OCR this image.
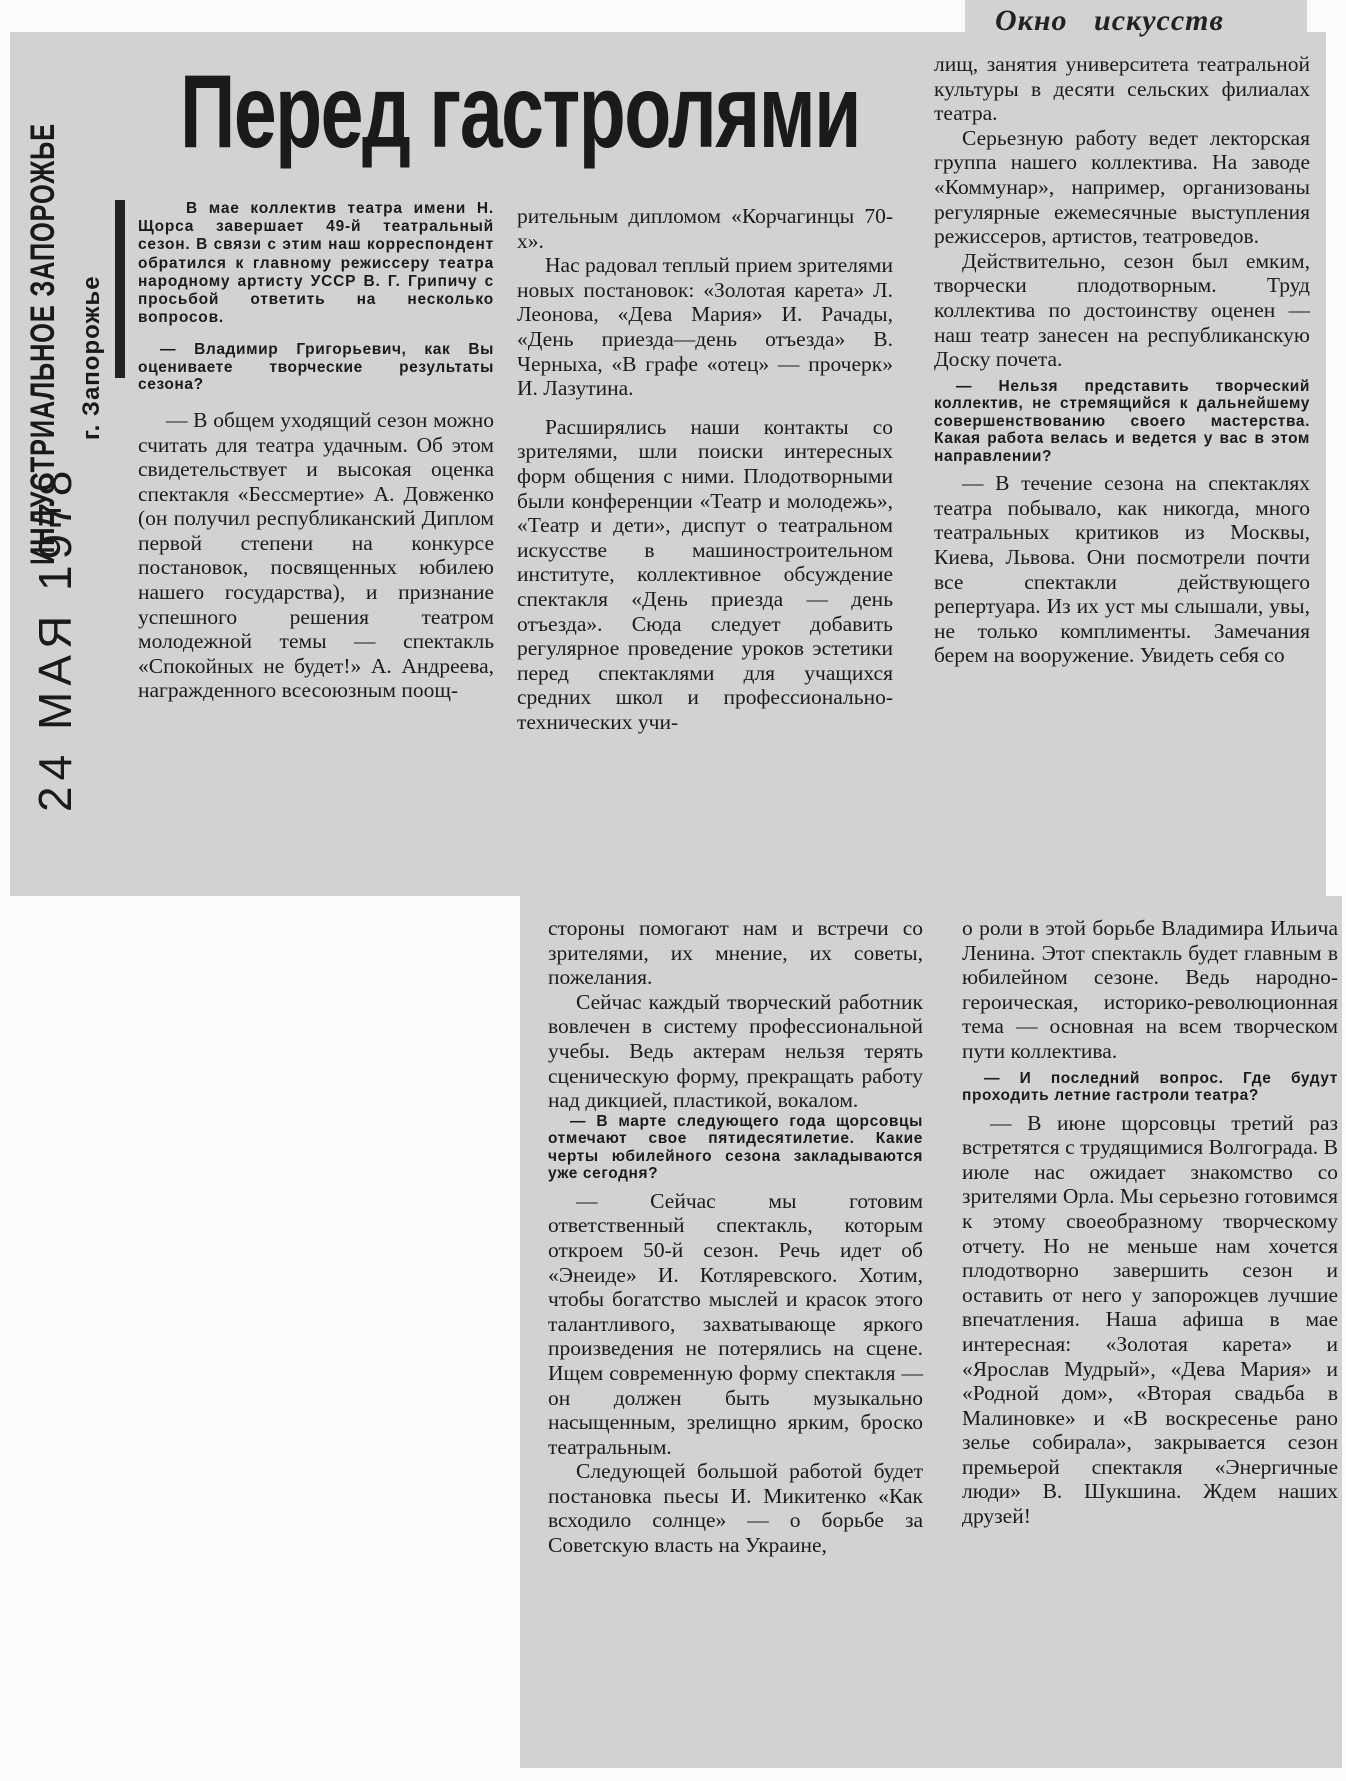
Окно искусств
Перед гастролями
24 МАЯ 1978
ИНДУСТРИАЛЬНОЕ ЗАПОРОЖЬЕ г. Запорожье

В мае коллектив театра имени Н. Щорса завершает 49-й театральный сезон. В связи с этим наш корреспондент обратился к главному режиссеру театра народному артисту УССР В. Г. Грипичу с просьбой ответить на несколько вопросов.

— Владимир Григорьевич, как Вы оцениваете творческие результаты сезона?

— В общем уходящий сезон можно считать для театра удачным. Об этом свидетельствует и высокая оценка спектакля «Бессмертие» А. Довженко (он получил республиканский Диплом первой степени на конкурсе постановок, посвященных юбилею нашего государства), и признание успешного решения театром молодежной темы — спектакль «Спокойных не будет!» А. Андреева, награжденного всесоюзным поощ-

рительным дипломом «Корчагинцы 70-х».

Нас радовал теплый прием зрителями новых постановок: «Золотая карета» Л. Леонова, «Дева Мария» И. Рачады, «День приезда—день отъезда» В. Черныха, «В графе «отец» — прочерк» И. Лазутина.

Расширялись наши контакты со зрителями, шли поиски интересных форм общения с ними. Плодотворными были конференции «Театр и молодежь», «Театр и дети», диспут о театральном искусстве в машиностроительном институте, коллективное обсуждение спектакля «День приезда — день отъезда». Сюда следует добавить регулярное проведение уроков эстетики перед спектаклями для учащихся средних школ и профессионально-технических учи-

лищ, занятия университета театральной культуры в десяти сельских филиалах театра.

Серьезную работу ведет лекторская группа нашего коллектива. На заводе «Коммунар», например, организованы регулярные ежемесячные выступления режиссеров, артистов, театроведов.

Действительно, сезон был емким, творчески плодотворным. Труд коллектива по достоинству оценен — наш театр занесен на республиканскую Доску почета.

— Нельзя представить творческий коллектив, не стремящийся к дальнейшему совершенствованию своего мастерства. Какая работа велась и ведется у вас в этом направлении?

— В течение сезона на спектаклях театра побывало, как никогда, много театральных критиков из Москвы, Киева, Львова. Они посмотрели почти все спектакли действующего репертуара. Из их уст мы слышали, увы, не только комплименты. Замечания берем на вооружение. Увидеть себя со

стороны помогают нам и встречи со зрителями, их мнение, их советы, пожелания.

Сейчас каждый творческий работник вовлечен в систему профессиональной учебы. Ведь актерам нельзя терять сценическую форму, прекращать работу над дикцией, пластикой, вокалом.

— В марте следующего года щорсовцы отмечают свое пятидесятилетие. Какие черты юбилейного сезона закладываются уже сегодня?

— Сейчас мы готовим ответственный спектакль, которым откроем 50-й сезон. Речь идет об «Энеиде» И. Котляревского. Хотим, чтобы богатство мыслей и красок этого талантливого, захватывающе яркого произведения не потерялись на сцене. Ищем современную форму спектакля — он должен быть музыкально насыщенным, зрелищно ярким, броско театральным.

Следующей большой работой будет постановка пьесы И. Микитенко «Как всходило солнце» — о борьбе за Советскую власть на Украине,

о роли в этой борьбе Владимира Ильича Ленина. Этот спектакль будет главным в юбилейном сезоне. Ведь народно-героическая, историко-революционная тема — основная на всем творческом пути коллектива.

— И последний вопрос. Где будут проходить летние гастроли театра?

— В июне щорсовцы третий раз встретятся с трудящимися Волгограда. В июле нас ожидает знакомство со зрителями Орла. Мы серьезно готовимся к этому своеобразному творческому отчету. Но не меньше нам хочется плодотворно завершить сезон и оставить от него у запорожцев лучшие впечатления. Наша афиша в мае интересная: «Золотая карета» и «Ярослав Мудрый», «Дева Мария» и «Родной дом», «Вторая свадьба в Малиновке» и «В воскресенье рано зелье собирала», закрывается сезон премьерой спектакля «Энергичные люди» В. Шукшина. Ждем наших друзей!
